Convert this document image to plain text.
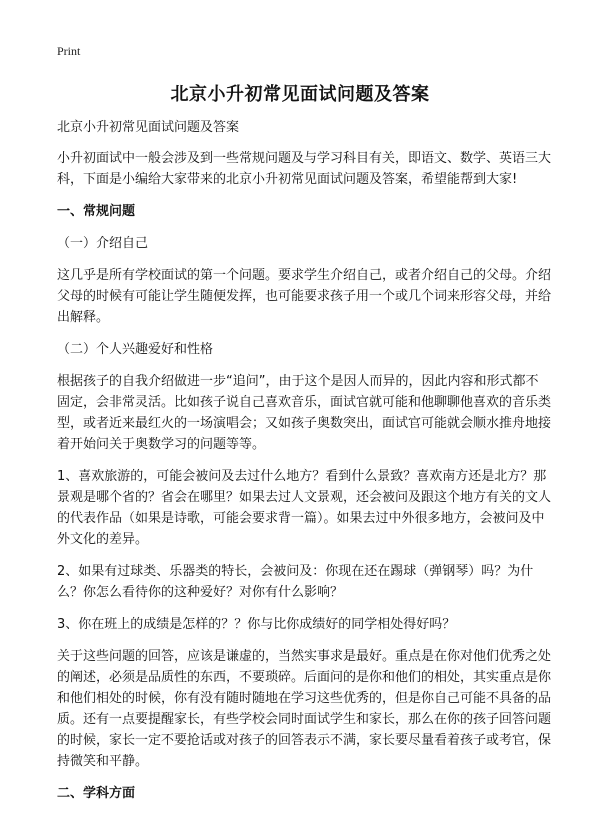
Print
北京小升初常见面试问题及答案

北京小升初常见面试问题及答案

小升初面试中一般会涉及到一些常规问题及与学习科目有关，即语文、数学、英语三大科，下面是小编给大家带来的北京小升初常见面试问题及答案，希望能帮到大家!

一、常规问题

（一）介绍自己

这几乎是所有学校面试的第一个问题。要求学生介绍自己，或者介绍自己的父母。介绍父母的时候有可能让学生随便发挥，也可能要求孩子用一个或几个词来形容父母，并给出解释。

（二）个人兴趣爱好和性格

根据孩子的自我介绍做进一步“追问”，由于这个是因人而异的，因此内容和形式都不固定，会非常灵活。比如孩子说自己喜欢音乐，面试官就可能和他聊聊他喜欢的音乐类型，或者近来最红火的一场演唱会；又如孩子奥数突出，面试官可能就会顺水推舟地接着开始问关于奥数学习的问题等等。

1、喜欢旅游的，可能会被问及去过什么地方？看到什么景致？喜欢南方还是北方？那景观是哪个省的？省会在哪里？如果去过人文景观，还会被问及跟这个地方有关的文人的代表作品（如果是诗歌，可能会要求背一篇）。如果去过中外很多地方，会被问及中外文化的差异。

2、如果有过球类、乐器类的特长，会被问及：你现在还在踢球（弹钢琴）吗？为什么？你怎么看待你的这种爱好？对你有什么影响？

3、你在班上的成绩是怎样的？？你与比你成绩好的同学相处得好吗？

关于这些问题的回答，应该是谦虚的，当然实事求是最好。重点是在你对他们优秀之处的阐述，必须是品质性的东西，不要琐碎。后面问的是你和他们的相处，其实重点是你和他们相处的时候，你有没有随时随地在学习这些优秀的，但是你自己可能不具备的品质。还有一点要提醒家长，有些学校会同时面试学生和家长，那么在你的孩子回答问题的时候，家长一定不要抢话或对孩子的回答表示不满，家长要尽量看着孩子或考官，保持微笑和平静。

二、学科方面
